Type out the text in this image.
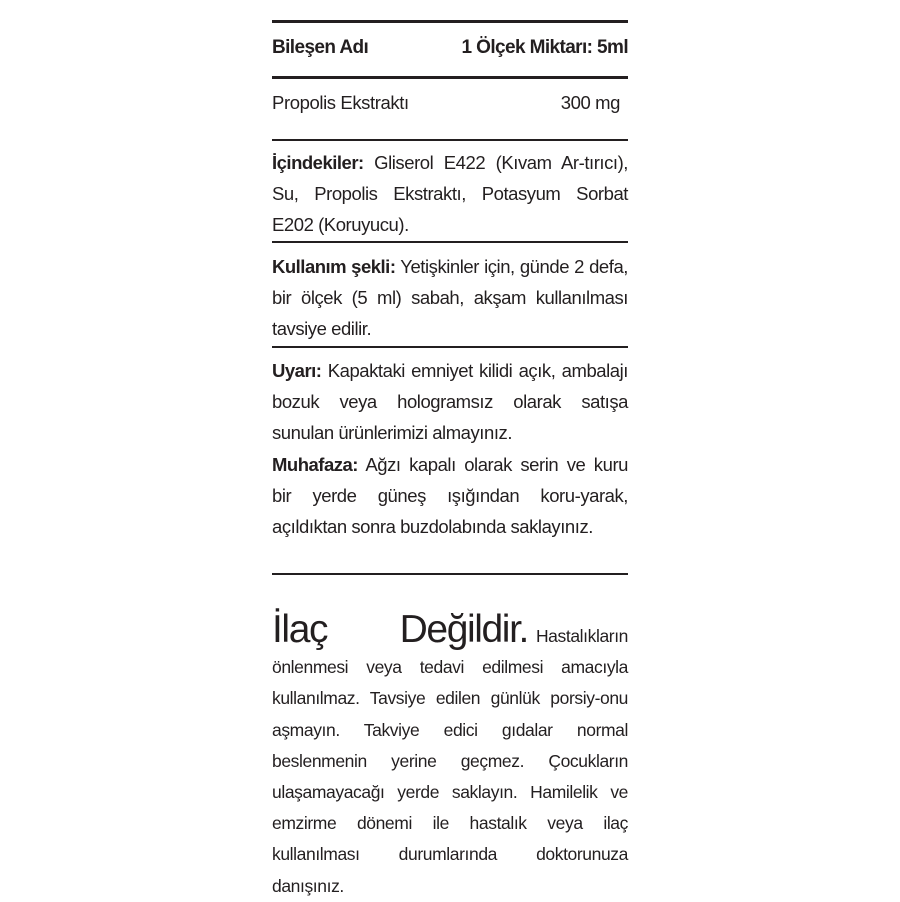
Bileşen Adı	1 Ölçek Miktarı: 5ml
Propolis Ekstraktı	300 mg
İçindekiler: Gliserol E422 (Kıvam Ar-tırıcı), Su, Propolis Ekstraktı, Potasyum Sorbat E202 (Koruyucu).
Kullanım şekli: Yetişkinler için, günde 2 defa, bir ölçek (5 ml) sabah, akşam kullanılması tavsiye edilir.
Uyarı: Kapaktaki emniyet kilidi açık, ambalajı bozuk veya hologramsız olarak satışa sunulan ürünlerimizi almayınız.
Muhafaza: Ağzı kapalı olarak serin ve kuru bir yerde güneş ışığından koru-yarak, açıldıktan sonra buzdolabında saklayınız.
İlaç Değildir. Hastalıkların önlenmesi veya tedavi edilmesi amacıyla kullanılmaz. Tavsiye edilen günlük porsiy-onu aşmayın. Takviye edici gıdalar normal beslenmenin yerine geçmez. Çocukların ulaşamayacağı yerde saklayın. Hamilelik ve emzirme dönemi ile hastalık veya ilaç kullanılması durumlarında doktorunuza danışınız.
